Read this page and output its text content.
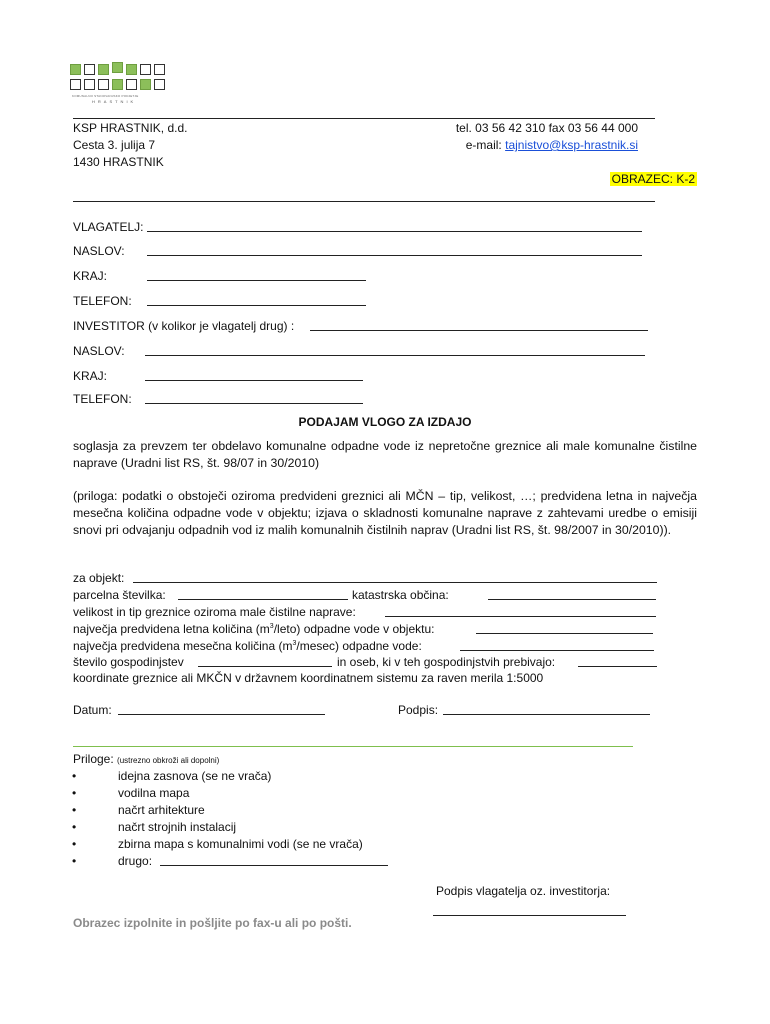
KOMUNALNO STANOVANJSKO PODJETJE
HRASTNIK
KSP HRASTNIK, d.d.
Cesta 3. julija 7
1430 HRASTNIK
tel. 03 56 42 310 fax 03 56 44 000
e-mail: tajnistvo@ksp-hrastnik.si
OBRAZEC: K-2
VLAGATELJ:
NASLOV:
KRAJ:
TELEFON:
INVESTITOR (v kolikor je vlagatelj drug) :
NASLOV:
KRAJ:
TELEFON:
PODAJAM VLOGO ZA IZDAJO
soglasja za prevzem ter obdelavo komunalne odpadne vode iz nepretočne greznice ali male komunalne čistilne naprave (Uradni list RS, št. 98/07 in 30/2010)
(priloga: podatki o obstoječi oziroma predvideni greznici ali MČN – tip, velikost, …; predvidena letna in največja mesečna količina odpadne vode v objektu; izjava o skladnosti komunalne naprave z zahtevami uredbe o emisiji snovi pri odvajanju odpadnih vod iz malih komunalnih čistilnih naprav (Uradni list RS, št. 98/2007 in 30/2010)).
za objekt:
parcelna številka:	katastrska občina:
velikost in tip greznice oziroma male čistilne naprave:
največja predvidena letna količina $(m^3/leto)$ odpadne vode v objektu:
največja predvidena mesečna količina $(m^3/mesec)$ odpadne vode:
število gospodinjstev	in oseb, ki v teh gospodinjstvih prebivajo:
koordinate greznice ali MKČN v državnem koordinatnem sistemu za raven merila 1:5000
Datum:	Podpis:
Priloge: (ustrezno obkroži ali dopolni)
•	idejna zasnova (se ne vrača)
•	vodilna mapa
•	načrt arhitekture
•	načrt strojnih instalacij
•	zbirna mapa s komunalnimi vodi (se ne vrača)
•	drugo:
Podpis vlagatelja oz. investitorja:
Obrazec izpolnite in pošljite po fax-u ali po pošti.
